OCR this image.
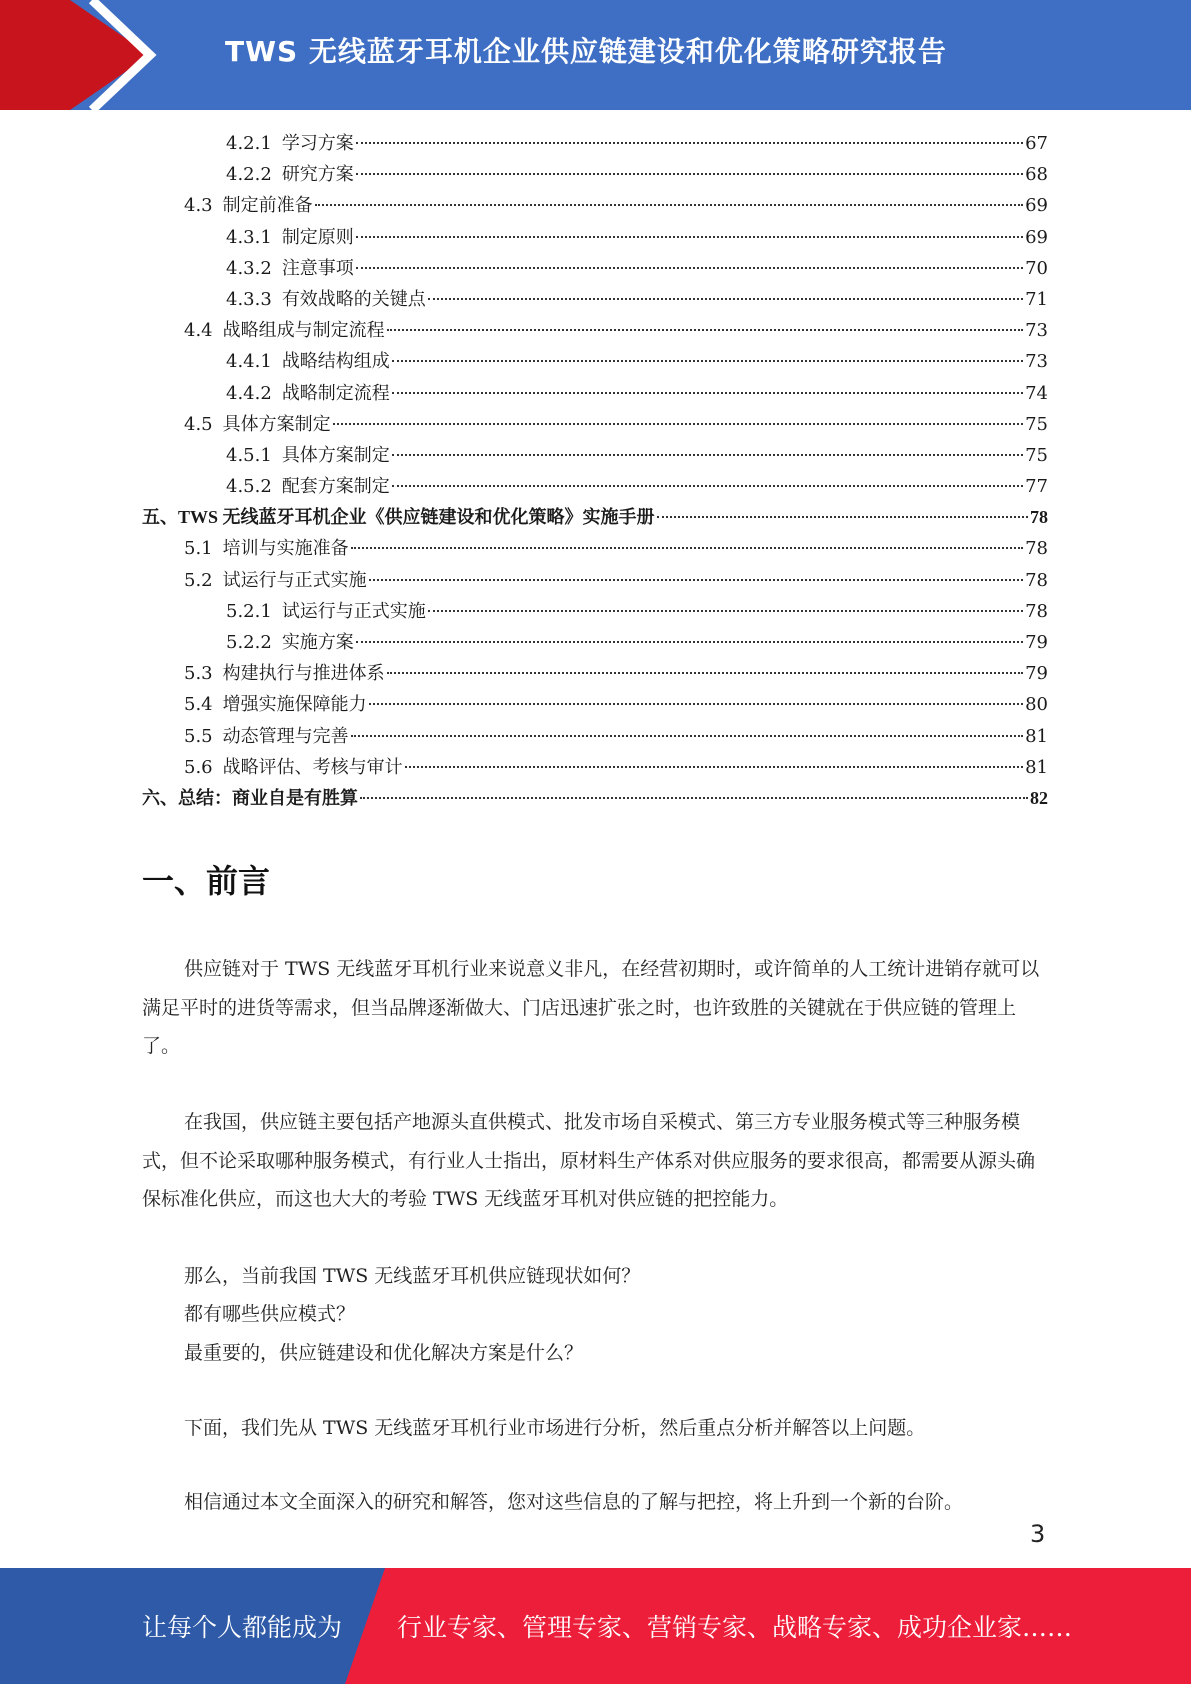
TWS 无线蓝牙耳机企业供应链建设和优化策略研究报告
4.2.1 学习方案	67
4.2.2 研究方案	68
4.3 制定前准备	69
4.3.1 制定原则	69
4.3.2 注意事项	70
4.3.3 有效战略的关键点	71
4.4 战略组成与制定流程	73
4.4.1 战略结构组成	73
4.4.2 战略制定流程	74
4.5 具体方案制定	75
4.5.1 具体方案制定	75
4.5.2 配套方案制定	77
五、TWS 无线蓝牙耳机企业《供应链建设和优化策略》实施手册	78
5.1 培训与实施准备	78
5.2 试运行与正式实施	78
5.2.1 试运行与正式实施	78
5.2.2 实施方案	79
5.3 构建执行与推进体系	79
5.4 增强实施保障能力	80
5.5 动态管理与完善	81
5.6 战略评估、考核与审计	81
六、总结：商业自是有胜算	82
一、前言
供应链对于 TWS 无线蓝牙耳机行业来说意义非凡，在经营初期时，或许简单的人工统计进销存就可以满足平时的进货等需求，但当品牌逐渐做大、门店迅速扩张之时，也许致胜的关键就在于供应链的管理上了。
在我国，供应链主要包括产地源头直供模式、批发市场自采模式、第三方专业服务模式等三种服务模式，但不论采取哪种服务模式，有行业人士指出，原材料生产体系对供应服务的要求很高，都需要从源头确保标准化供应，而这也大大的考验 TWS 无线蓝牙耳机对供应链的把控能力。
那么，当前我国 TWS 无线蓝牙耳机供应链现状如何？
都有哪些供应模式？
最重要的，供应链建设和优化解决方案是什么？
下面，我们先从 TWS 无线蓝牙耳机行业市场进行分析，然后重点分析并解答以上问题。
相信通过本文全面深入的研究和解答，您对这些信息的了解与把控，将上升到一个新的台阶。
3
让每个人都能成为 行业专家、管理专家、营销专家、战略专家、成功企业家……
